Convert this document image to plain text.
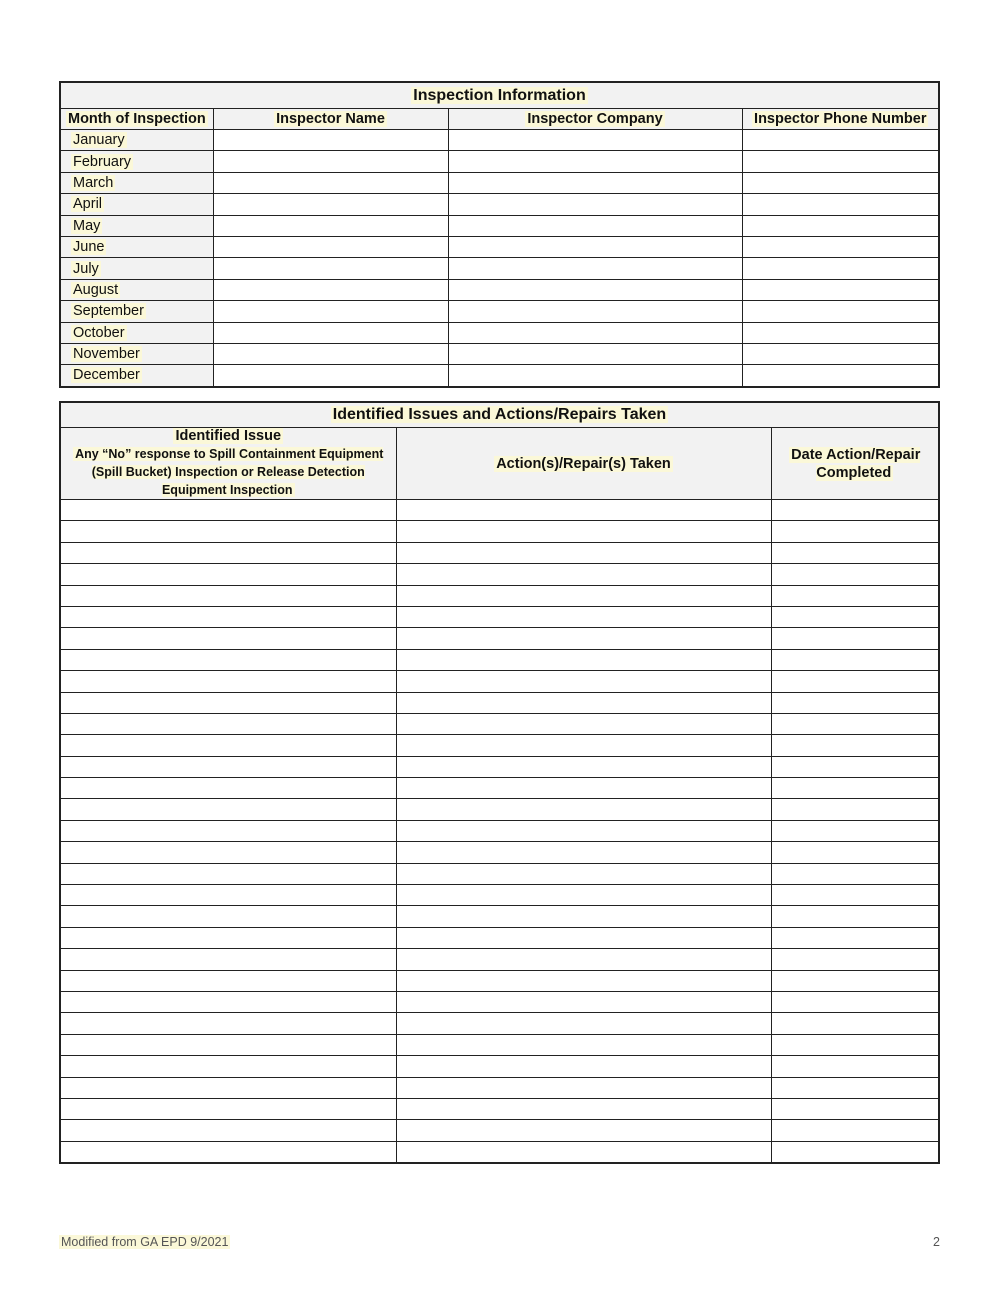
Inspection Information			
Month of Inspection	Inspector Name	Inspector Company	Inspector Phone Number
January			
February			
March			
April			
May			
June			
July			
August			
September			
October			
November			
December			
Identified Issues and Actions/Repairs Taken		

Identified Issue
Any “No” response to Spill Containment Equipment (Spill Bucket) Inspection or Release Detection Equipment Inspection	Action(s)/Repair(s) Taken	Date Action/Repair Completed

Modified from GA EPD 9/2021	2
